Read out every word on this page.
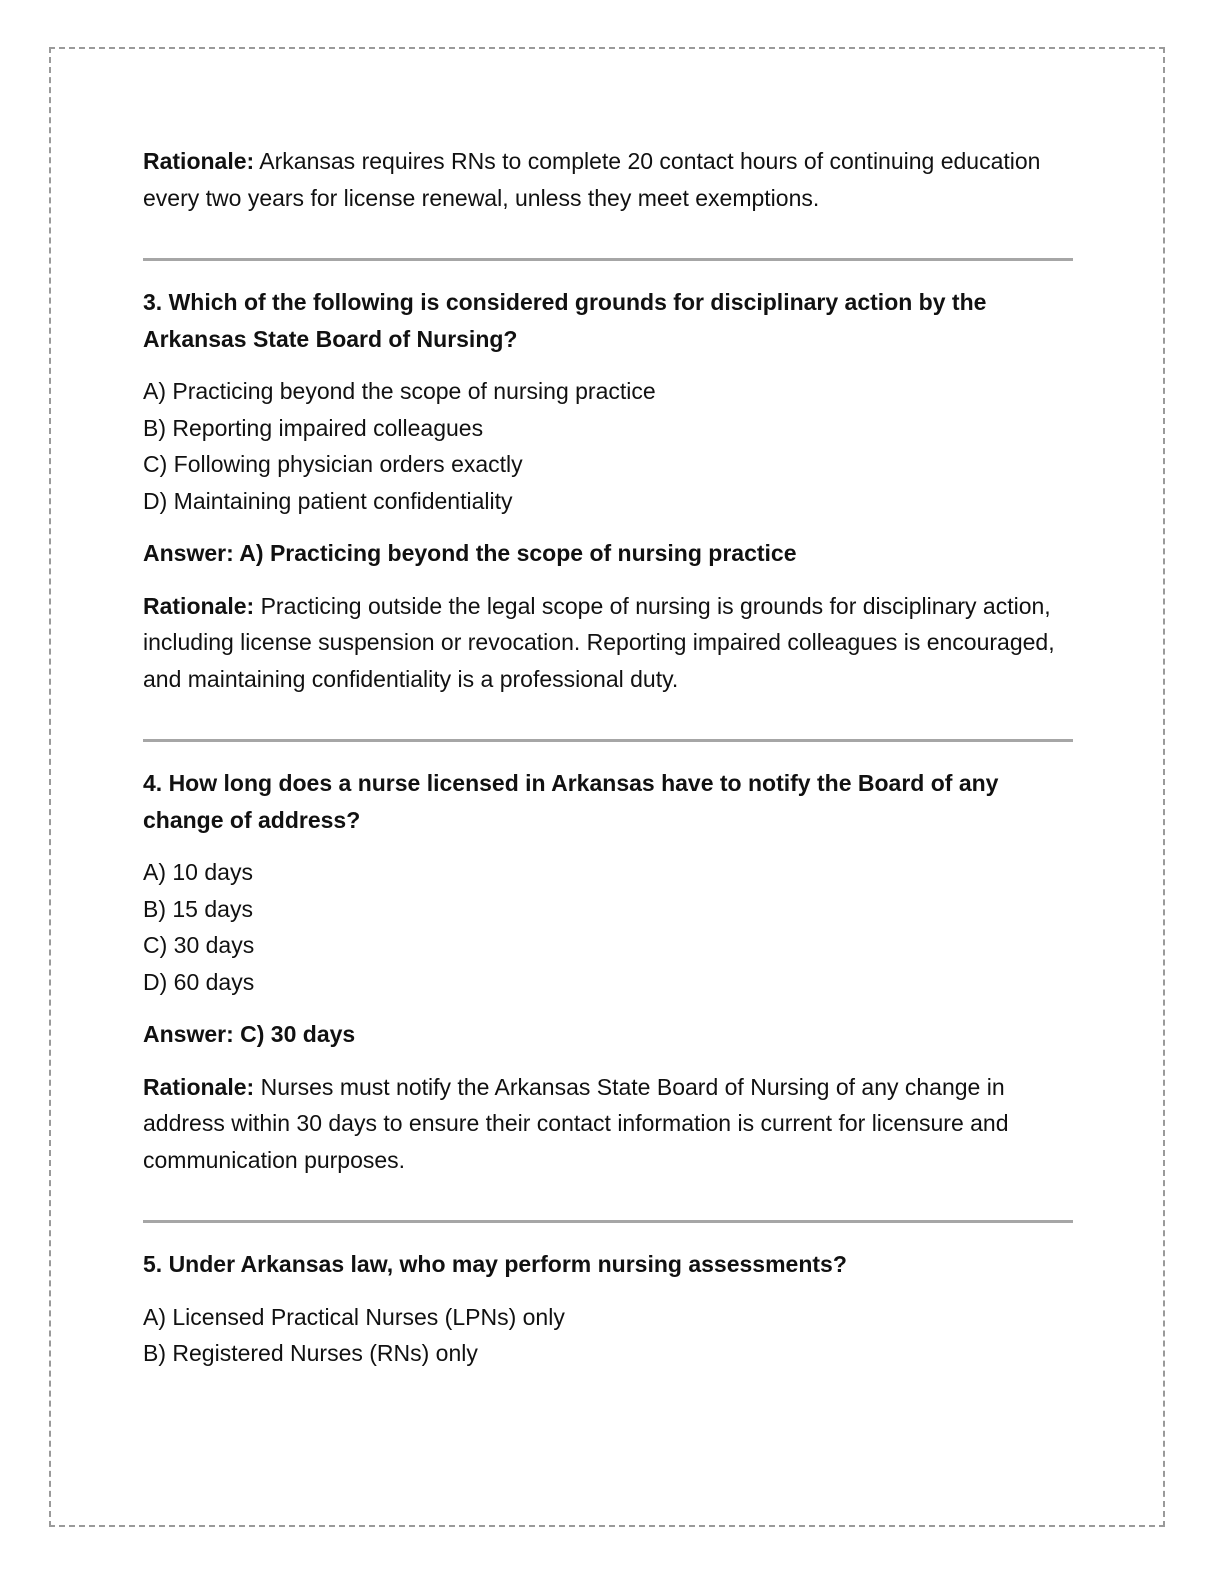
Rationale: Arkansas requires RNs to complete 20 contact hours of continuing education every two years for license renewal, unless they meet exemptions.

3. Which of the following is considered grounds for disciplinary action by the Arkansas State Board of Nursing?

A) Practicing beyond the scope of nursing practice
B) Reporting impaired colleagues
C) Following physician orders exactly
D) Maintaining patient confidentiality

Answer: A) Practicing beyond the scope of nursing practice

Rationale: Practicing outside the legal scope of nursing is grounds for disciplinary action, including license suspension or revocation. Reporting impaired colleagues is encouraged, and maintaining confidentiality is a professional duty.

4. How long does a nurse licensed in Arkansas have to notify the Board of any change of address?

A) 10 days
B) 15 days
C) 30 days
D) 60 days

Answer: C) 30 days

Rationale: Nurses must notify the Arkansas State Board of Nursing of any change in address within 30 days to ensure their contact information is current for licensure and communication purposes.

5. Under Arkansas law, who may perform nursing assessments?

A) Licensed Practical Nurses (LPNs) only
B) Registered Nurses (RNs) only
